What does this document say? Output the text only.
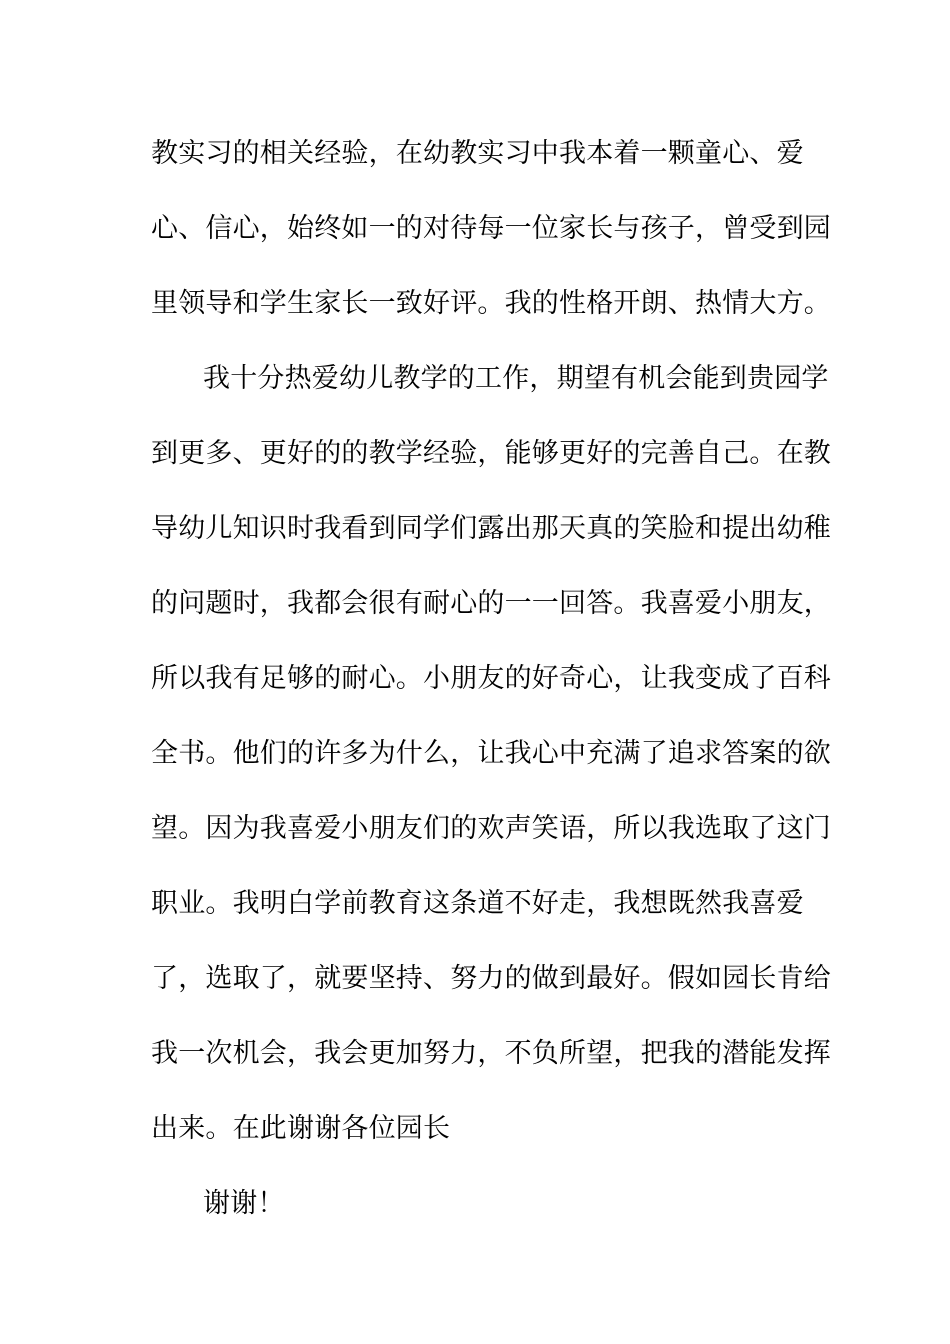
教实习的相关经验，在幼教实习中我本着一颗童心、爱
心、信心，始终如一的对待每一位家长与孩子，曾受到园
里领导和学生家长一致好评。我的性格开朗、热情大方。
我十分热爱幼儿教学的工作，期望有机会能到贵园学
到更多、更好的的教学经验，能够更好的完善自己。在教
导幼儿知识时我看到同学们露出那天真的笑脸和提出幼稚
的问题时，我都会很有耐心的一一回答。我喜爱小朋友，
所以我有足够的耐心。小朋友的好奇心，让我变成了百科
全书。他们的许多为什么，让我心中充满了追求答案的欲
望。因为我喜爱小朋友们的欢声笑语，所以我选取了这门
职业。我明白学前教育这条道不好走，我想既然我喜爱
了，选取了，就要坚持、努力的做到最好。假如园长肯给
我一次机会，我会更加努力，不负所望，把我的潜能发挥
出来。在此谢谢各位园长
谢谢！
